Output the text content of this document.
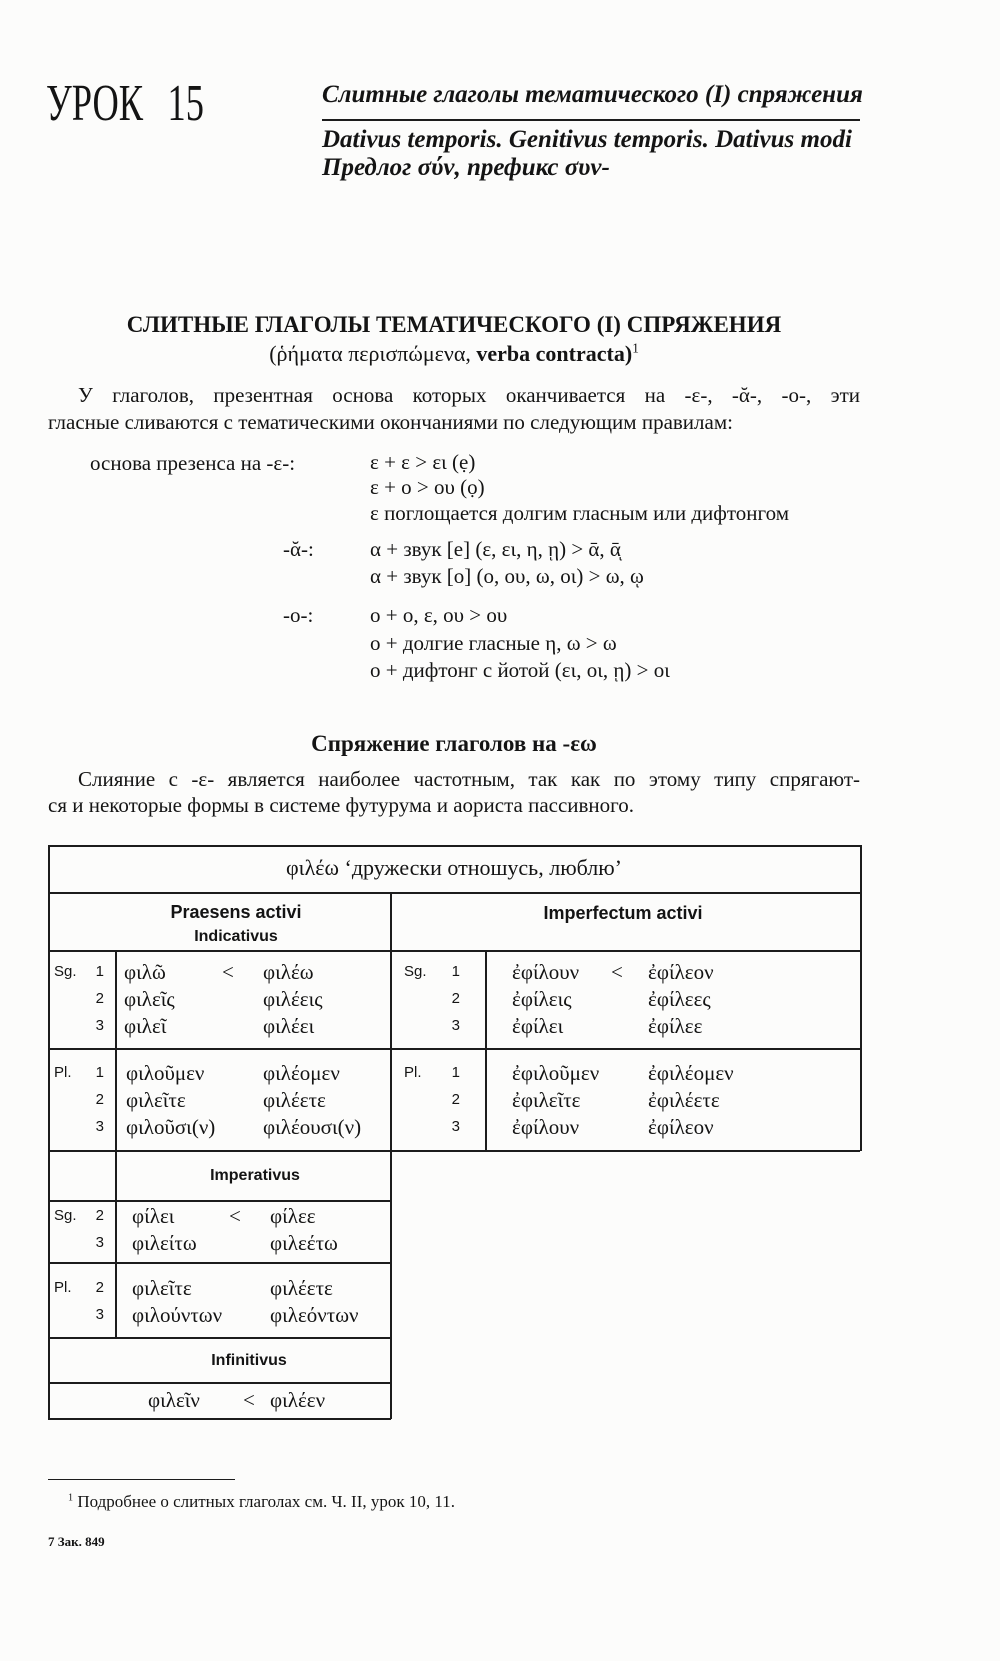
УРОК 15	Слитные глаголы тематического (I) спряжения
Dativus temporis. Genitivus temporis. Dativus modi
Предлог σύν, префикс συν-
СЛИТНЫЕ ГЛАГОЛЫ ТЕМАТИЧЕСКОГО (I) СПРЯЖЕНИЯ
(ῥήματα περισπώμενα, verba contracta)$^1$
У глаголов, презентная основа которых оканчивается на -ε-, -ᾰ-, -ο-, эти
гласные сливаются с тематическими окончаниями по следующим правилам:
основа презенса на -ε-:	ε + ε > ει (ẹ)
ε + ο > ου (ọ)
ε поглощается долгим гласным или дифтонгом
-ᾰ-:	α + звук [e] (ε, ει, η, ῃ) > ᾱ, ᾱͅ
α + звук [o] (ο, ου, ω, οι) > ω, ῳ
-ο-:	ο + ο, ε, ου > ου
ο + долгие гласные η, ω > ω
ο + дифтонг с йотой (ει, οι, ῃ) > οι
Спряжение глаголов на -εω
Слияние с -ε- является наиболее частотным, так как по этому типу спрягают-
ся и некоторые формы в системе футурума и аориста пассивного.
φιλέω ‘дружески отношусь, люблю’
Praesens activi
Indicativus
Imperfectum activi
Sg.	1 φιλῶ	< φιλέω
2 φιλεῖς	φιλέεις
3 φιλεῖ	φιλέει
Pl.	1 φιλοῦμεν	φιλέομεν
2 φιλεῖτε	φιλέετε
3 φιλοῦσι(ν) φιλέουσι(ν)
Sg.	1 ἐφίλουν < ἐφίλεον
2 ἐφίλεις	ἐφίλεες
3 ἐφίλει	ἐφίλεε
Pl.	1 ἐφιλοῦμεν ἐφιλέομεν
2 ἐφιλεῖτε	ἐφιλέετε
3 ἐφίλουν	ἐφίλεον
Imperativus
Sg.	2 φίλει	< φίλεε
3 φιλείτω	φιλεέτω
Pl.	2 φιλεῖτε	φιλέετε
3 φιλούντων φιλεόντων
Infinitivus
φιλεῖν < φιλέεν
$^1$ Подробнее о слитных глаголах см. Ч. II, урок 10, 11.
7 Зак. 849
